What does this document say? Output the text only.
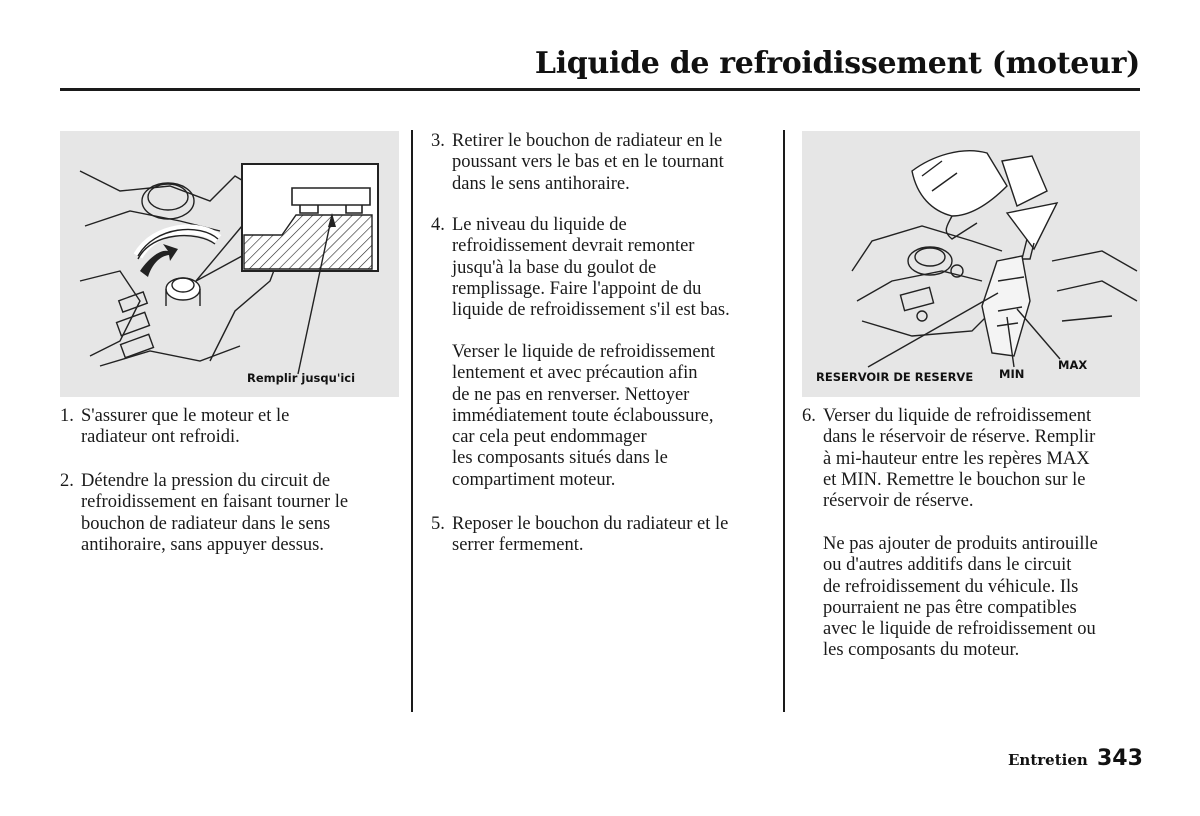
Liquide de refroidissement (moteur)
Remplir jusqu'ici	RESERVOIR DE RESERVE MIN
MAX
1. S'assurer que le moteur et le
radiateur ont refroidi.
2. Détendre la pression du circuit de
refroidissement en faisant tourner le
bouchon de radiateur dans le sens
antihoraire, sans appuyer dessus.
3. Retirer le bouchon de radiateur en le
poussant vers le bas et en le tournant
dans le sens antihoraire.
4. Le niveau du liquide de
refroidissement devrait remonter
jusqu'à la base du goulot de
remplissage. Faire l'appoint de du
liquide de refroidissement s'il est bas.
Verser le liquide de refroidissement
lentement et avec précaution afin
de ne pas en renverser. Nettoyer
immédiatement toute éclaboussure,
car cela peut endommager
les composants situés dans le
compartiment moteur.
5. Reposer le bouchon du radiateur et le
serrer fermement.
6. Verser du liquide de refroidissement
dans le réservoir de réserve. Remplir
à mi-hauteur entre les repères MAX
et MIN. Remettre le bouchon sur le
réservoir de réserve.
Ne pas ajouter de produits antirouille
ou d'autres additifs dans le circuit
de refroidissement du véhicule. Ils
pourraient ne pas être compatibles
avec le liquide de refroidissement ou
les composants du moteur.
Entretien 343
